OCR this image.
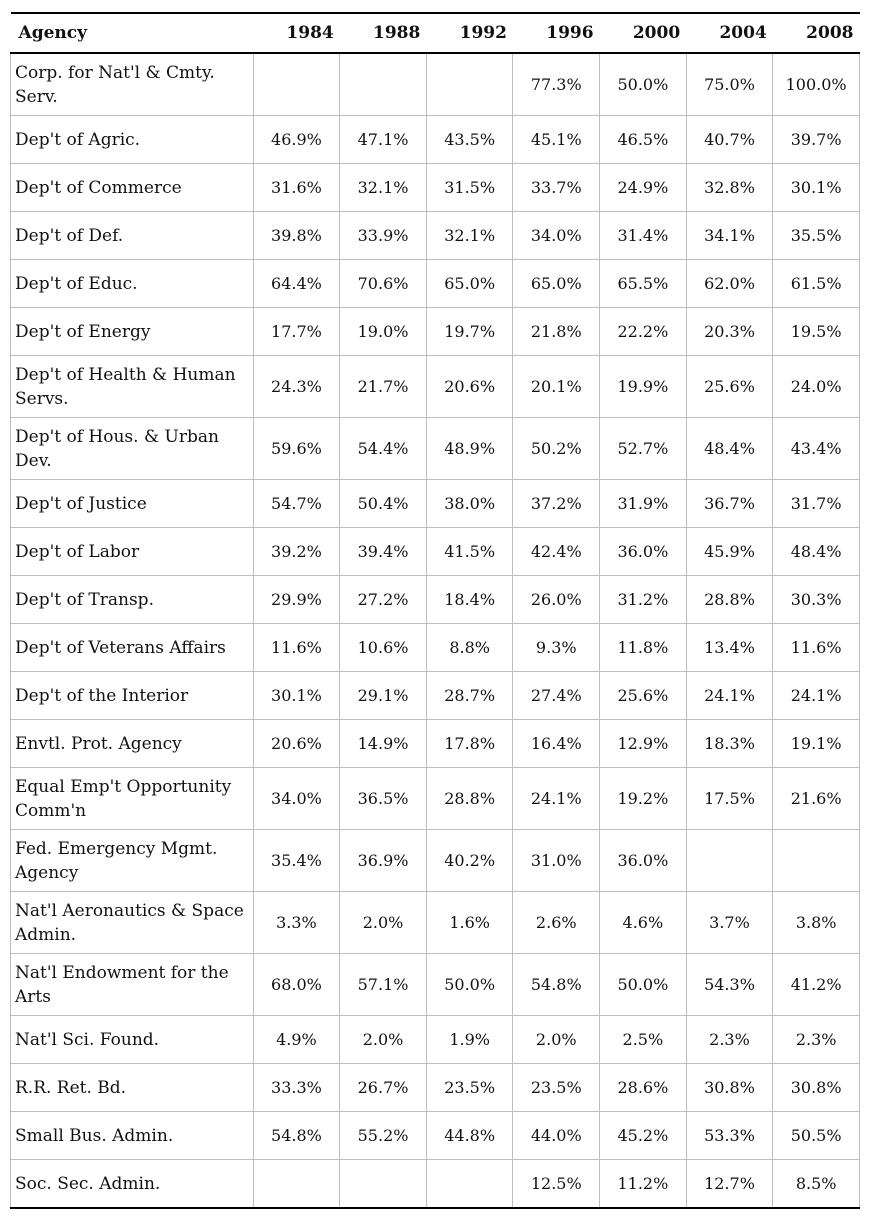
Agency	1984	1988	1992	1996	2000	2004	2008
Corp. for Nat'l & Cmty. Serv.				77.3%	50.0%	75.0%	100.0%
Dep't of Agric.	46.9%	47.1%	43.5%	45.1%	46.5%	40.7%	39.7%
Dep't of Commerce	31.6%	32.1%	31.5%	33.7%	24.9%	32.8%	30.1%
Dep't of Def.	39.8%	33.9%	32.1%	34.0%	31.4%	34.1%	35.5%
Dep't of Educ.	64.4%	70.6%	65.0%	65.0%	65.5%	62.0%	61.5%
Dep't of Energy	17.7%	19.0%	19.7%	21.8%	22.2%	20.3%	19.5%
Dep't of Health & Human Servs.	24.3%	21.7%	20.6%	20.1%	19.9%	25.6%	24.0%
Dep't of Hous. & Urban Dev.	59.6%	54.4%	48.9%	50.2%	52.7%	48.4%	43.4%
Dep't of Justice	54.7%	50.4%	38.0%	37.2%	31.9%	36.7%	31.7%
Dep't of Labor	39.2%	39.4%	41.5%	42.4%	36.0%	45.9%	48.4%
Dep't of Transp.	29.9%	27.2%	18.4%	26.0%	31.2%	28.8%	30.3%
Dep't of Veterans Affairs	11.6%	10.6%	8.8%	9.3%	11.8%	13.4%	11.6%
Dep't of the Interior	30.1%	29.1%	28.7%	27.4%	25.6%	24.1%	24.1%
Envtl. Prot. Agency	20.6%	14.9%	17.8%	16.4%	12.9%	18.3%	19.1%
Equal Emp't Opportunity Comm'n	34.0%	36.5%	28.8%	24.1%	19.2%	17.5%	21.6%
Fed. Emergency Mgmt. Agency	35.4%	36.9%	40.2%	31.0%	36.0%		
Nat'l Aeronautics & Space Admin.	3.3%	2.0%	1.6%	2.6%	4.6%	3.7%	3.8%
Nat'l Endowment for the Arts	68.0%	57.1%	50.0%	54.8%	50.0%	54.3%	41.2%
Nat'l Sci. Found.	4.9%	2.0%	1.9%	2.0%	2.5%	2.3%	2.3%
R.R. Ret. Bd.	33.3%	26.7%	23.5%	23.5%	28.6%	30.8%	30.8%
Small Bus. Admin.	54.8%	55.2%	44.8%	44.0%	45.2%	53.3%	50.5%
Soc. Sec. Admin.				12.5%	11.2%	12.7%	8.5%
